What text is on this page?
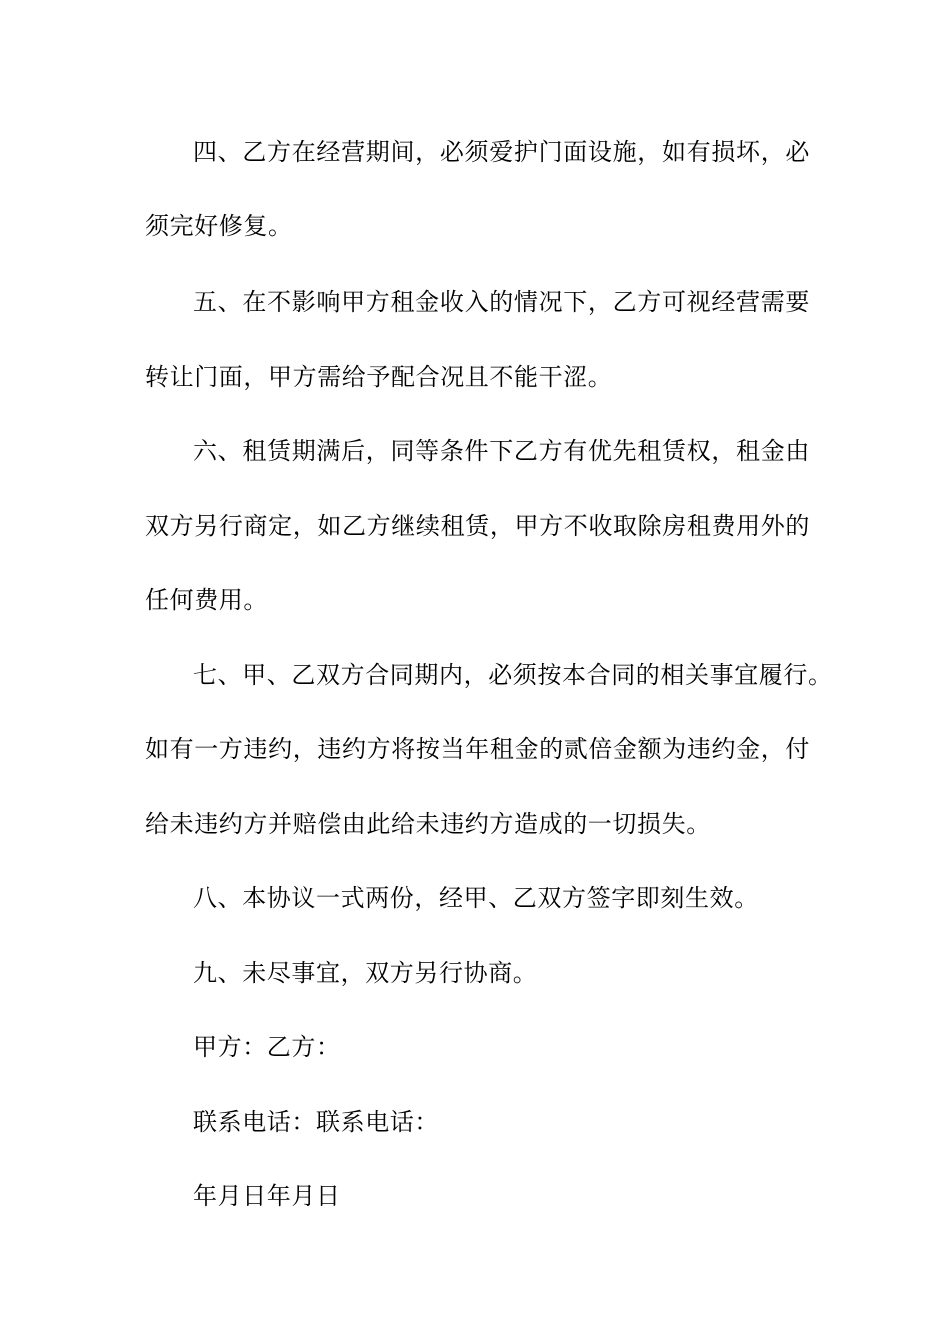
四、乙方在经营期间，必须爱护门面设施，如有损坏，必
须完好修复。
五、在不影响甲方租金收入的情况下，乙方可视经营需要
转让门面，甲方需给予配合况且不能干涩。
六、租赁期满后，同等条件下乙方有优先租赁权，租金由
双方另行商定，如乙方继续租赁，甲方不收取除房租费用外的
任何费用。
七、甲、乙双方合同期内，必须按本合同的相关事宜履行。
如有一方违约，违约方将按当年租金的贰倍金额为违约金，付
给未违约方并赔偿由此给未违约方造成的一切损失。
八、本协议一式两份，经甲、乙双方签字即刻生效。
九、未尽事宜，双方另行协商。
甲方：乙方：
联系电话：联系电话：
年月日年月日
